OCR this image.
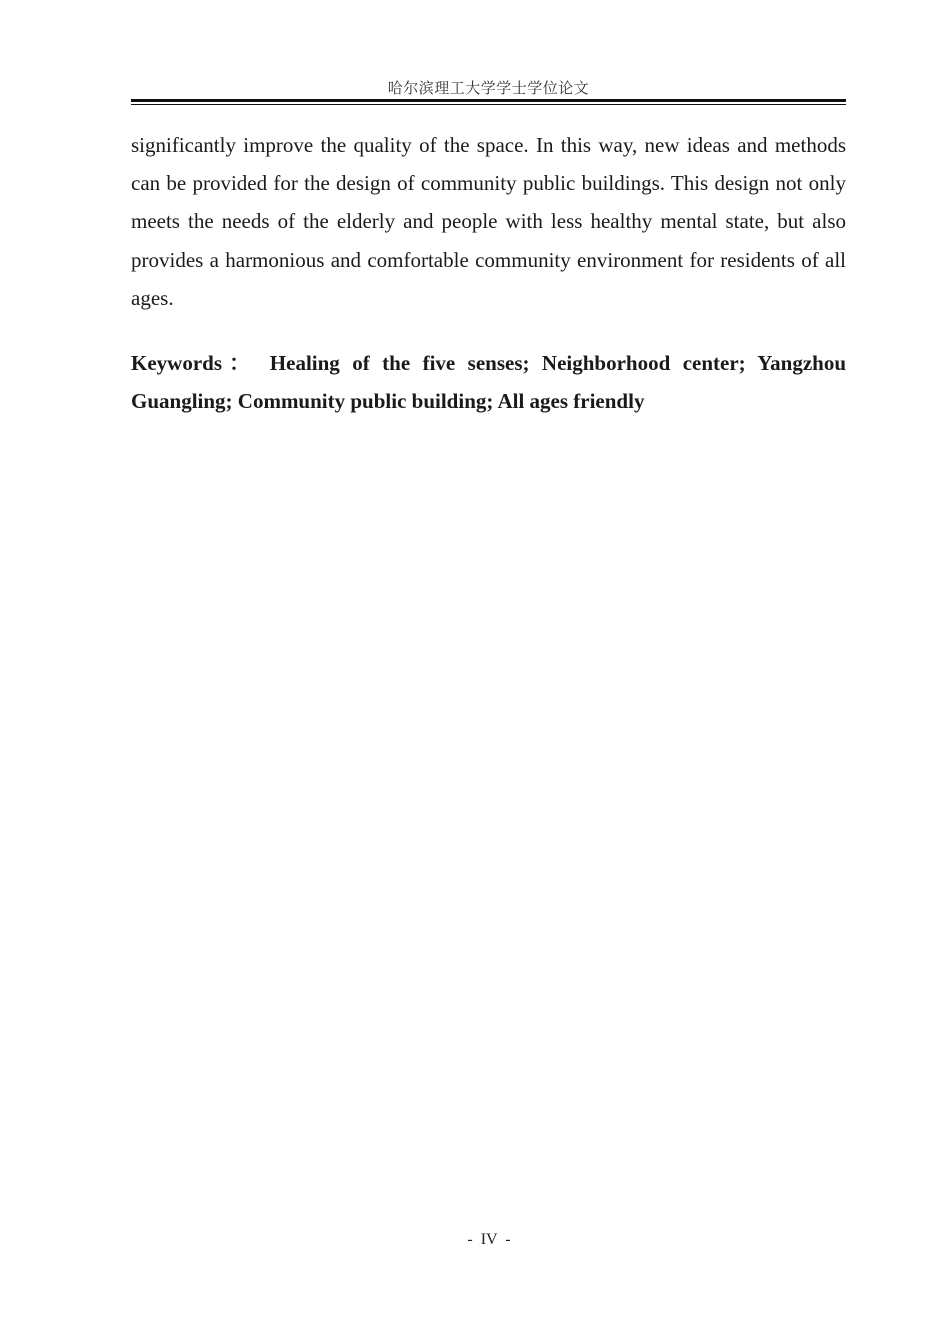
哈尔滨理工大学学士学位论文

significantly improve the quality of the space. In this way, new ideas and methods can be provided for the design of community public buildings. This design not only meets the needs of the elderly and people with less healthy mental state, but also provides a harmonious and comfortable community environment for residents of all ages.

Keywords： Healing of the five senses; Neighborhood center; Yangzhou Guangling; Community public building; All ages friendly

-  IV  -
